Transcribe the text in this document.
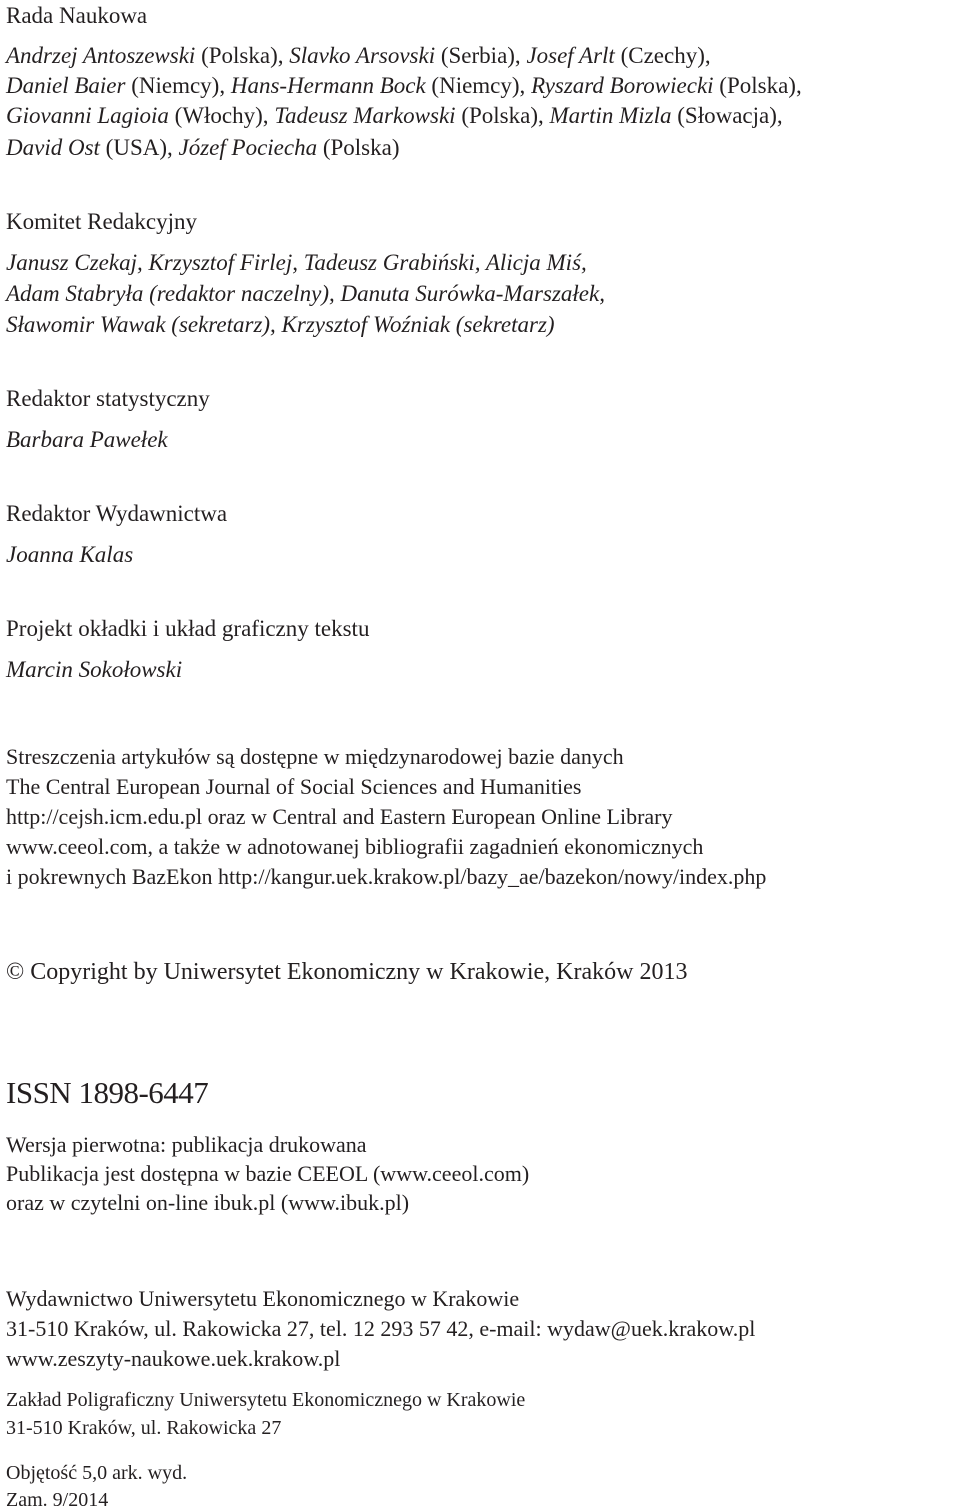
Rada Naukowa
Andrzej Antoszewski (Polska), Slavko Arsovski (Serbia), Josef Arlt (Czechy),
Daniel Baier (Niemcy), Hans-Hermann Bock (Niemcy), Ryszard Borowiecki (Polska),
Giovanni Lagioia (Włochy), Tadeusz Markowski (Polska), Martin Mizla (Słowacja),
David Ost (USA), Józef Pociecha (Polska)
Komitet Redakcyjny
Janusz Czekaj, Krzysztof Firlej, Tadeusz Grabiński, Alicja Miś,
Adam Stabryła (redaktor naczelny), Danuta Surówka-Marszałek,
Sławomir Wawak (sekretarz), Krzysztof Woźniak (sekretarz)
Redaktor statystyczny
Barbara Pawełek
Redaktor Wydawnictwa
Joanna Kalas
Projekt okładki i układ graficzny tekstu
Marcin Sokołowski
Streszczenia artykułów są dostępne w międzynarodowej bazie danych
The Central European Journal of Social Sciences and Humanities
http://cejsh.icm.edu.pl oraz w Central and Eastern European Online Library
www.ceeol.com, a także w adnotowanej bibliografii zagadnień ekonomicznych
i pokrewnych BazEkon http://kangur.uek.krakow.pl/bazy_ae/bazekon/nowy/index.php
© Copyright by Uniwersytet Ekonomiczny w Krakowie, Kraków 2013
ISSN 1898-6447
Wersja pierwotna: publikacja drukowana
Publikacja jest dostępna w bazie CEEOL (www.ceeol.com)
oraz w czytelni on-line ibuk.pl (www.ibuk.pl)
Wydawnictwo Uniwersytetu Ekonomicznego w Krakowie
31-510 Kraków, ul. Rakowicka 27, tel. 12 293 57 42, e-mail: wydaw@uek.krakow.pl
www.zeszyty-naukowe.uek.krakow.pl
Zakład Poligraficzny Uniwersytetu Ekonomicznego w Krakowie
31-510 Kraków, ul. Rakowicka 27
Objętość 5,0 ark. wyd.
Zam. 9/2014
